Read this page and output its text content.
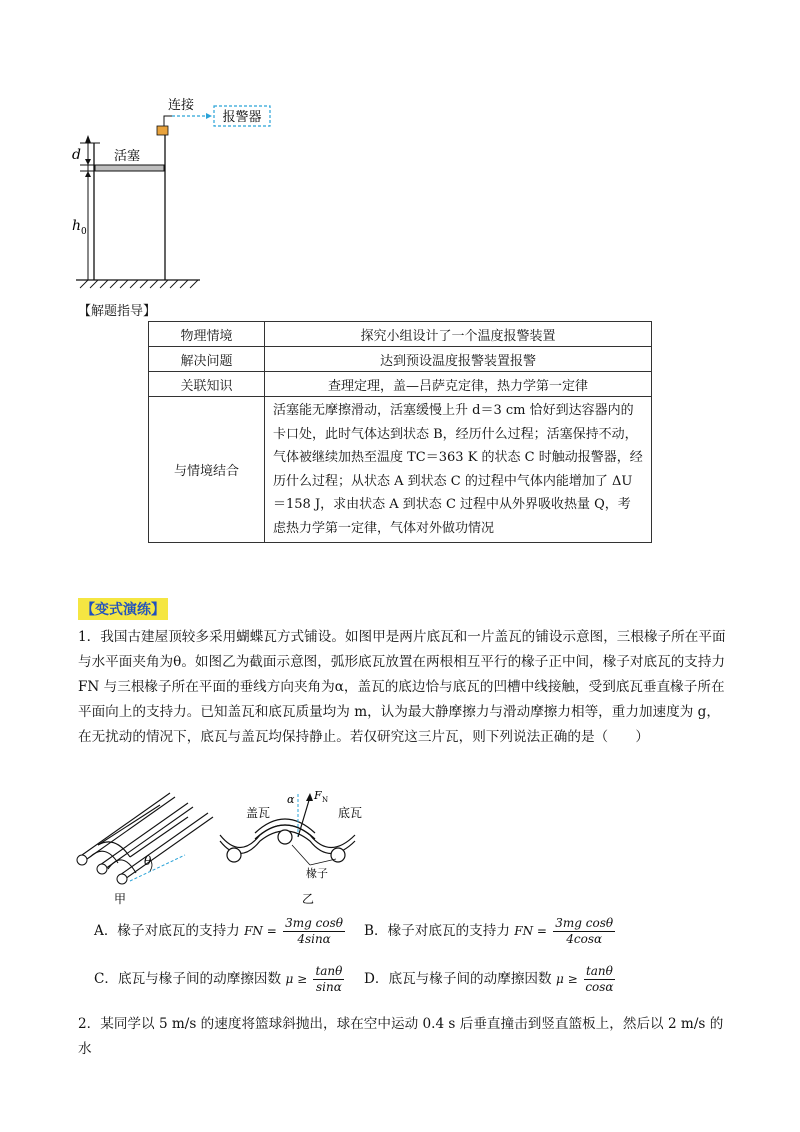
报警器
连接
d	活塞
h 0
【解题指导】
物理情境	探究小组设计了一个温度报警装置
解决问题	达到预设温度报警装置报警
关联知识	查理定理，盖—吕萨克定律，热力学第一定律
与情境结合	活塞能无摩擦滑动，活塞缓慢上升 d＝3 cm 恰好到达容器内的卡口处，此时气体达到状态 B，经历什么过程；活塞保持不动，气体被继续加热至温度 TC＝363 K 的状态 C 时触动报警器，经历什么过程；从状态 A 到状态 C 的过程中气体内能增加了 ΔU＝158 J，求由状态 A 到状态 C 过程中从外界吸收热量 Q，考虑热力学第一定律，气体对外做功情况
【变式演练】
1．我国古建屋顶较多采用蝴蝶瓦方式铺设。如图甲是两片底瓦和一片盖瓦的铺设示意图，三根椽子所在平面与水平面夹角为θ。如图乙为截面示意图，弧形底瓦放置在两根相互平行的椽子正中间，椽子对底瓦的支持力 FN 与三根椽子所在平面的垂线方向夹角为α，盖瓦的底边恰与底瓦的凹槽中线接触，受到底瓦垂直椽子所在平面向上的支持力。已知盖瓦和底瓦质量均为 m，认为最大静摩擦力与滑动摩擦力相等，重力加速度为 g，在无扰动的情况下，底瓦与盖瓦均保持静止。若仅研究这三片瓦，则下列说法正确的是（　　）
θ
甲
α F N
盖瓦	底瓦
椽子
乙
A．椽子对底瓦的支持力 FN = $\frac{\text{3mg cosθ}}{4\sin\alpha}$ B．椽子对底瓦的支持力 FN = $\frac{\text{3mg cosθ}}{4\cos\alpha}$
C．底瓦与椽子间的动摩擦因数 $\mu \ge \frac{\tan\theta}{\sin\alpha}$ D．底瓦与椽子间的动摩擦因数 $\mu \ge \frac{\tan\theta}{\cos\alpha}$
2．某同学以 5 m/s 的速度将篮球斜抛出，球在空中运动 0.4 s 后垂直撞击到竖直篮板上，然后以 2 m/s 的水
